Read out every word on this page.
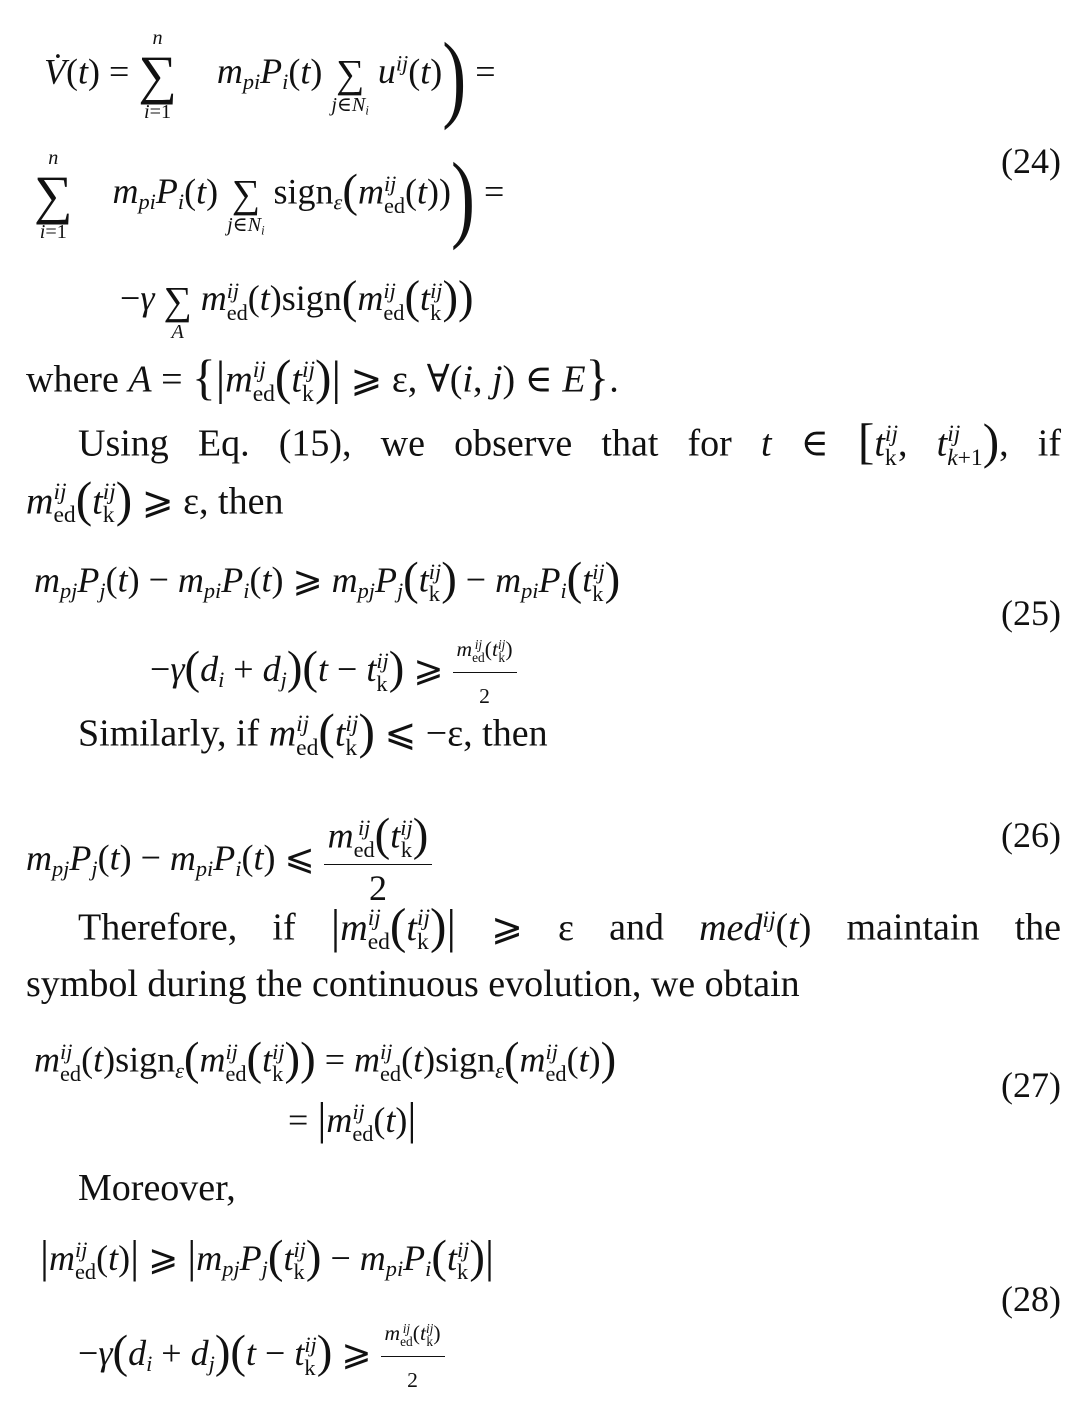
V̇(t) =
n
∑
i=1
$m_{pi}P_i(t)$
∑
$j\in N_i$
$u^{ij}(t)$) =
n
∑
i=1
$m_{pi}P_i(t)$
∑
$j\in N_i$
sign$_\varepsilon$(m ij
ed (t))) =
(24)
−γ
∑
A
m ij
ed (t)sign(m ij
ed (t ij
k ))
where A = {|m ij
ed (t ij
k )| ⩾ ε, ∀(i, j) ∈ E}.
Using Eq. (15), we observe that for t ∈ [t ij
k , t ij
k+1 ), if
m ij
ed (t ij
k ) ⩾ ε, then
$m_{pj}P_j(t) - m_{pi}P_i(t)$ ⩾ $m_{pj}P_j(t$ ij
k ) − $m_{pi}P_i(t$ ij
k )
(25)
$-\gamma(d_i + d_j)(t - t$ ij
k ) ⩾ m ij
ed (t ij
k )
2
Similarly, if m ij
ed (t ij
k ) ⩽ −ε, then
$m_{pj}P_j(t) - m_{pi}P_i(t)$ ⩽ m ij
ed (t ij
k )
2	(26)
Therefore, if |m ij
ed (t ij
k )| ⩾ ε and med$^{ij}$(t) maintain the
symbol during the continuous evolution, we obtain
m ij
ed (t)sign$_\varepsilon$(m ij
ed (t ij
k )) = m ij
ed (t)sign$_\varepsilon$(m ij
ed (t))	(27)
= |m ij
ed (t)|
Moreover,
|m ij
ed (t)| ⩾ $|m_{pj}P_j(t$ ij
k ) − $m_{pi}P_i(t$ ij
k )|
(28)
$-\gamma(d_i + d_j)(t - t$ ij
k ) ⩾ m ij
ed (t ij
k )
2
